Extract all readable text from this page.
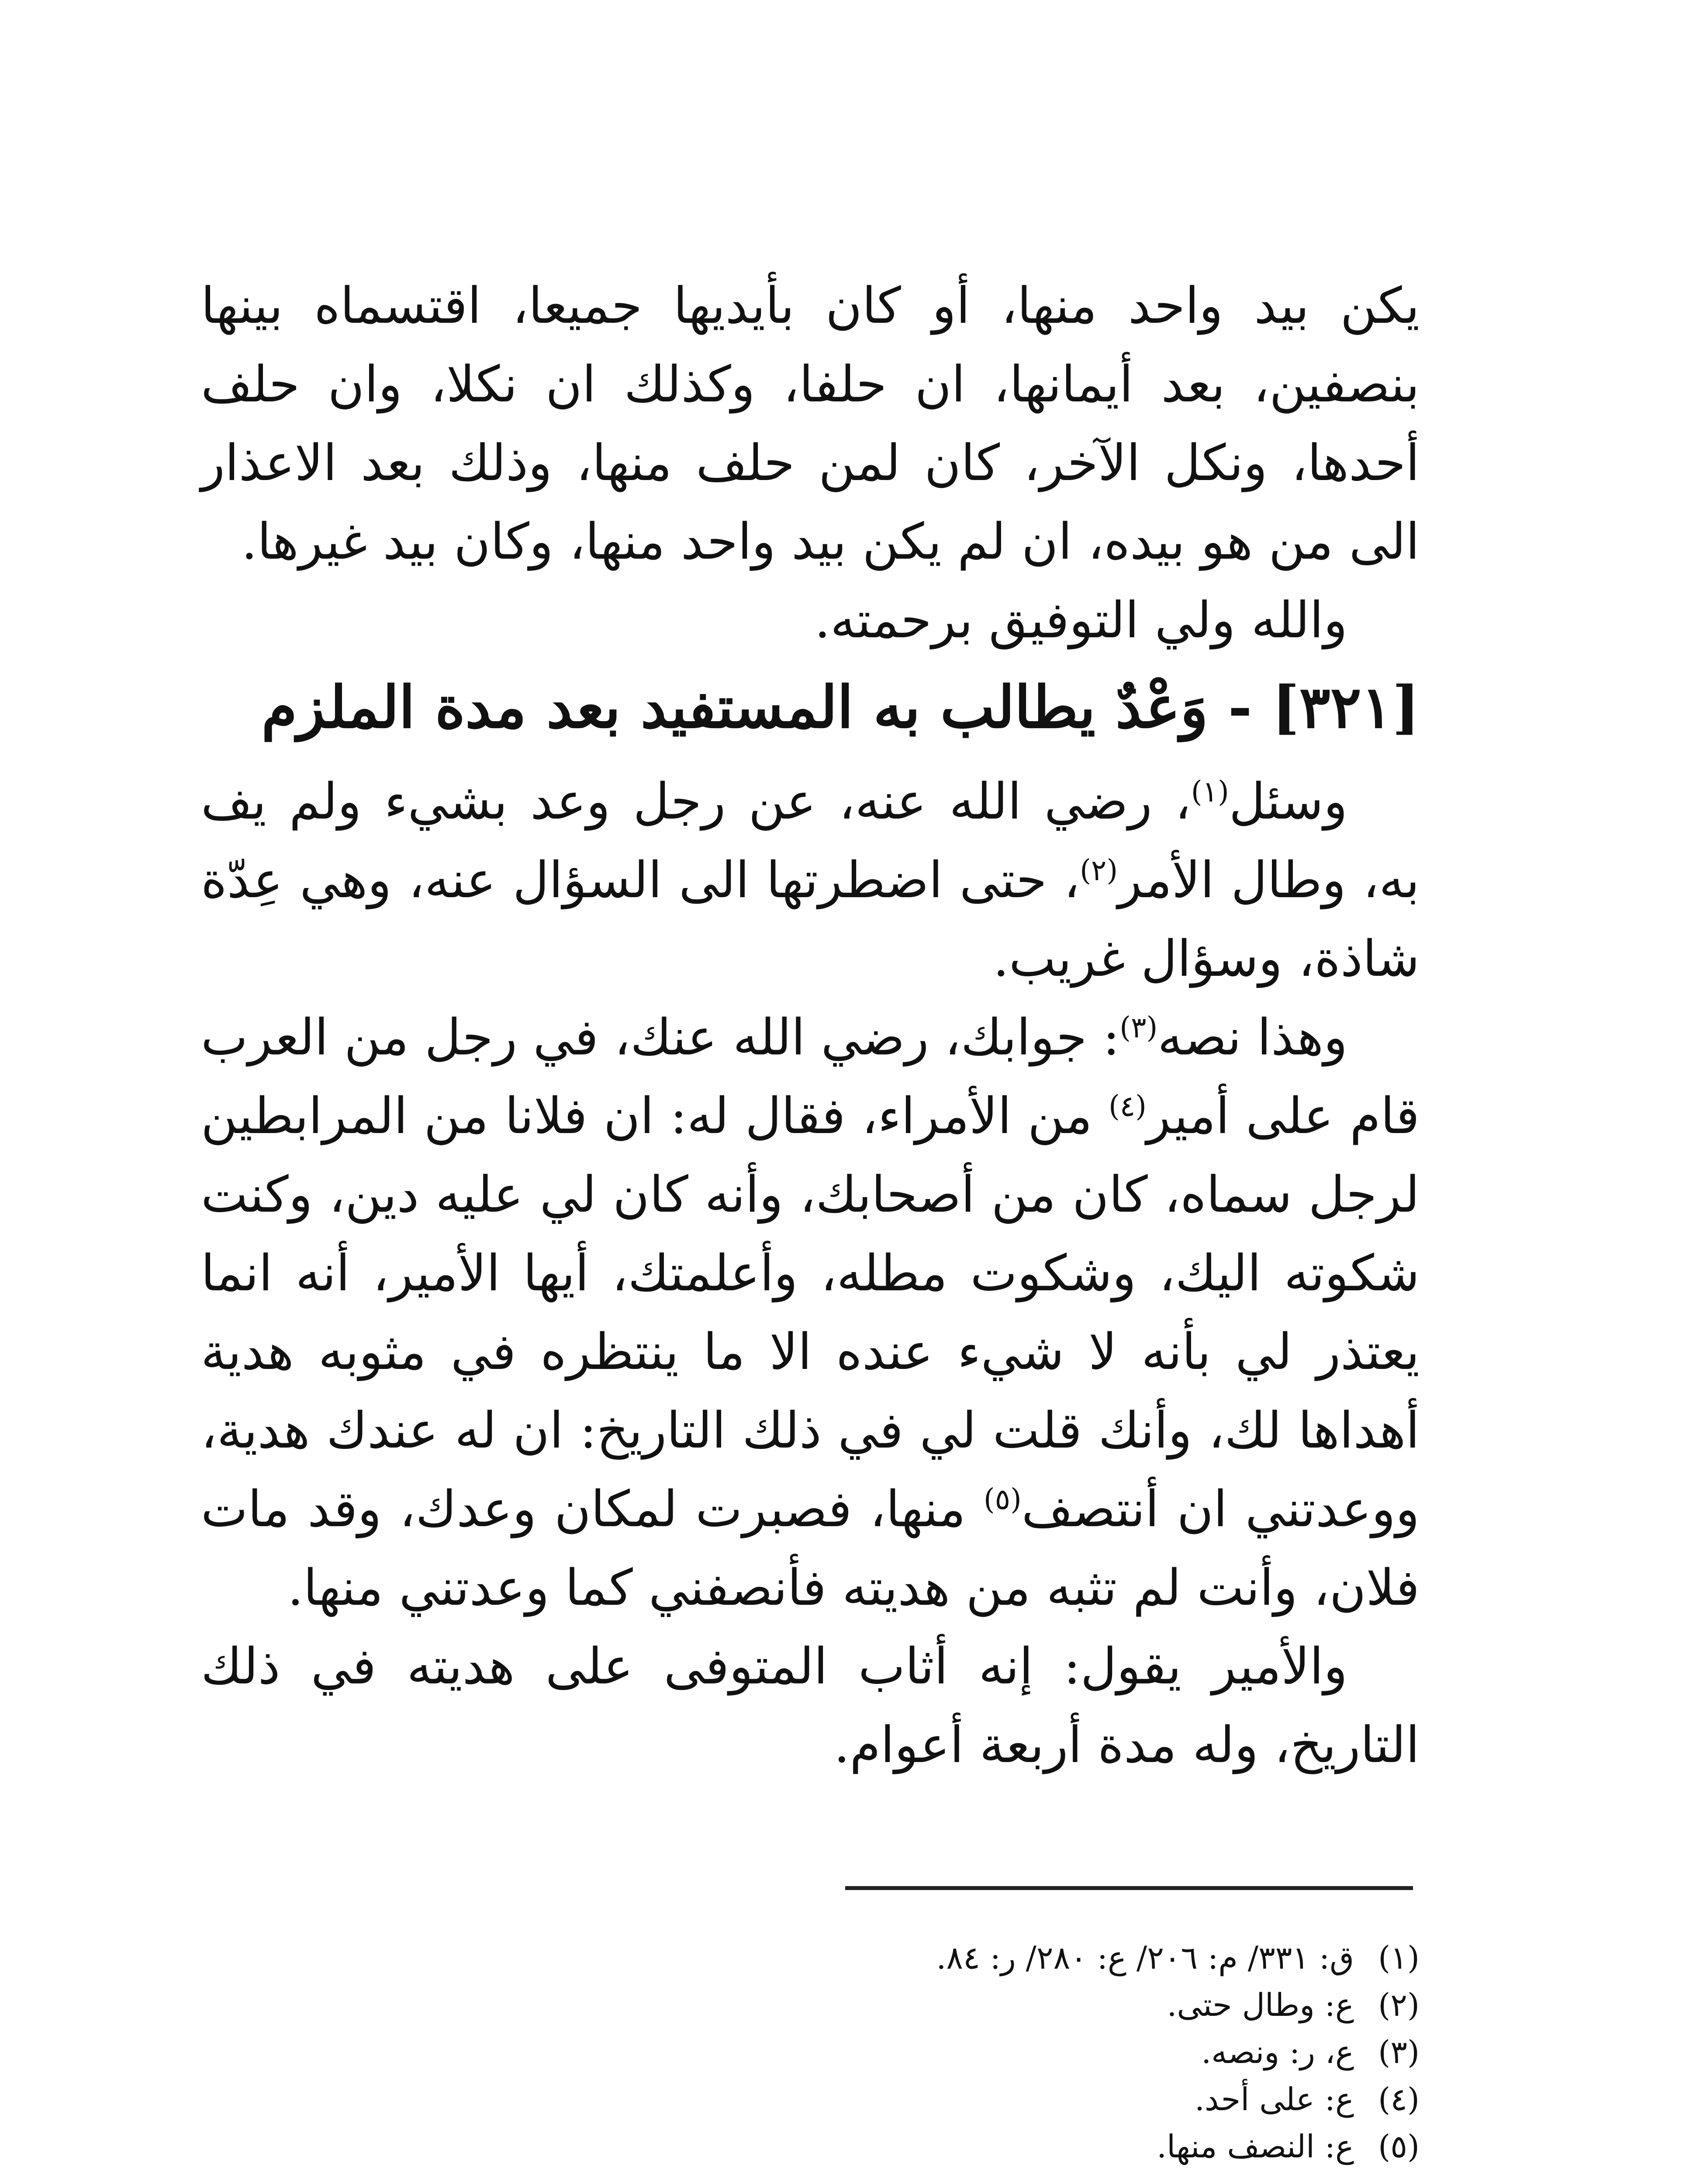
يكن بيد واحد منها، أو كان بأيديها جميعا، اقتسماه بينها بنصفين، بعد أيمانها، ان حلفا، وكذلك ان نكلا، وان حلف أحدها، ونكل الآخر، كان لمن حلف منها، وذلك بعد الاعذار الى من هو بيده، ان لم يكن بيد واحد منها، وكان بيد غيرها.

والله ولي التوفيق برحمته.

[٣٢١] - وَعْدٌ يطالب به المستفيد بعد مدة الملزم

وسئل$^{(١)}$، رضي الله عنه، عن رجل وعد بشيء ولم يف به، وطال الأمر$^{(٢)}$، حتى اضطرتها الى السؤال عنه، وهي عِدّة شاذة، وسؤال غريب.

وهذا نصه$^{(٣)}$: جوابك، رضي الله عنك، في رجل من العرب قام على أمير$^{(٤)}$ من الأمراء، فقال له: ان فلانا من المرابطين لرجل سماه، كان من أصحابك، وأنه كان لي عليه دين، وكنت شكوته اليك، وشكوت مطله، وأعلمتك، أيها الأمير، أنه انما يعتذر لي بأنه لا شيء عنده الا ما ينتظره في مثوبه هدية أهداها لك، وأنك قلت لي في ذلك التاريخ: ان له عندك هدية، ووعدتني ان أنتصف$^{(٥)}$ منها، فصبرت لمكان وعدك، وقد مات فلان، وأنت لم تثبه من هديته فأنصفني كما وعدتني منها.

والأمير يقول: إنه أثاب المتوفى على هديته في ذلك التاريخ، وله مدة أربعة أعوام.

(١)ق: ٣٣١/ م: ٢٠٦/ ع: ٢٨٠/ ر: ٨٤.

(٢)ع: وطال حتى.

(٣)ع، ر: ونصه.

(٤)ع: على أحد.

(٥)ع: النصف منها.
